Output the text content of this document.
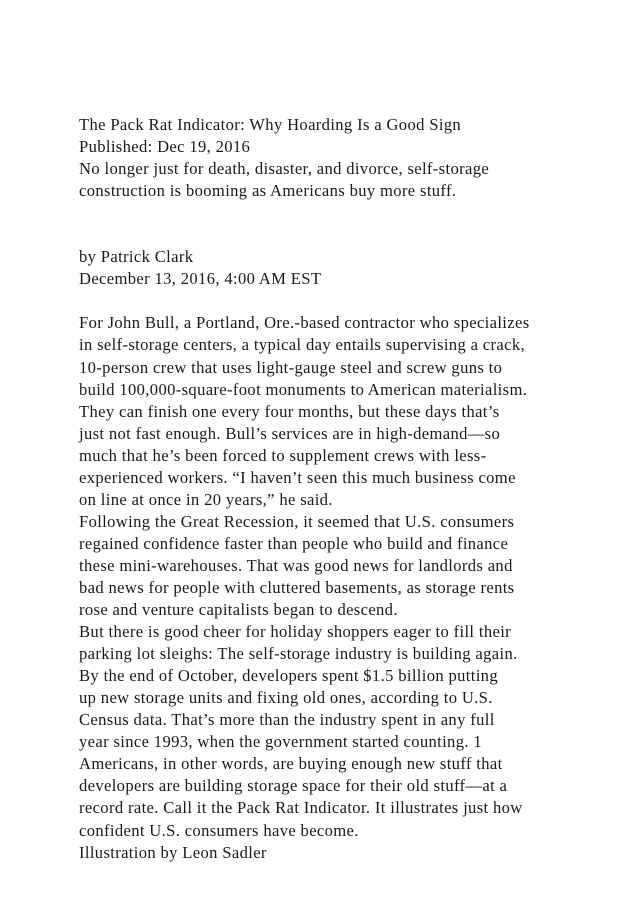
The Pack Rat Indicator: Why Hoarding Is a Good Sign
Published: Dec 19, 2016
No longer just for death, disaster, and divorce, self-storage
construction is booming as Americans buy more stuff.
by Patrick Clark
December 13, 2016, 4:00 AM EST
For John Bull, a Portland, Ore.-based contractor who specializes
in self-storage centers, a typical day entails supervising a crack,
10-person crew that uses light-gauge steel and screw guns to
build 100,000-square-foot monuments to American materialism.
They can finish one every four months, but these days that’s
just not fast enough. Bull’s services are in high-demand—so
much that he’s been forced to supplement crews with less-
experienced workers. “I haven’t seen this much business come
on line at once in 20 years,” he said.
Following the Great Recession, it seemed that U.S. consumers
regained confidence faster than people who build and finance
these mini-warehouses. That was good news for landlords and
bad news for people with cluttered basements, as storage rents
rose and venture capitalists began to descend.
But there is good cheer for holiday shoppers eager to fill their
parking lot sleighs: The self-storage industry is building again.
By the end of October, developers spent $1.5 billion putting
up new storage units and fixing old ones, according to U.S.
Census data. That’s more than the industry spent in any full
year since 1993, when the government started counting. 1
Americans, in other words, are buying enough new stuff that
developers are building storage space for their old stuff—at a
record rate. Call it the Pack Rat Indicator. It illustrates just how
confident U.S. consumers have become.
Illustration by Leon Sadler
